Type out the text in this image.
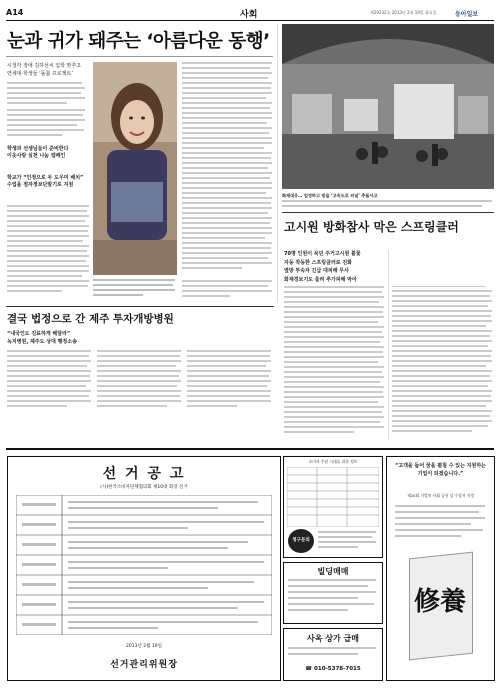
A14	사회	제29232호 2013년 2월 19일 화요일	동아일보
눈과 귀가 돼주는 ‘아름다운 동행’
시청각 장애 김하선씨 입학 맞추고
연세대·학생들 ‘돌봄 프로젝트’
학생과 선생님들이 준비한다
이웃사랑 실천 나눔 캠페인
학교가 “인정으로 두 도우미 배치”
수업을 점자정보단말기로 지원
결국 법정으로 간 제주 투자개방병원
“내국인도 진료하게 해달라”
녹지병원, 제주도 상대 행정소송
화재대응… 엄정하고 믿을 ‘고속도로 터널’ 추돌사고
고시원 방화참사 막은 스프링클러
70명 인원이 묵던 주거고시원 불꽃
자동 작동한 스프링클러로 진화
옆방 투숙자 긴급 대피해 무사
화재경보기도 울려 추가피해 막아
선 거 공 고
(사)한국소비자단체협의회 제10대 회장 선거
2013년 2월 19일
선거관리위원장
소비자 주권 시대를 위한 정보
청구문의
빌딩매매
사옥 상가 급매
☎ 010-5378-7015
“고객을 돕어 꿈을 펼칠 수 있는 지원하는 기업이 되겠습니다.”
제20회 기업의 사회 공헌 상 수상자 지정
修養
